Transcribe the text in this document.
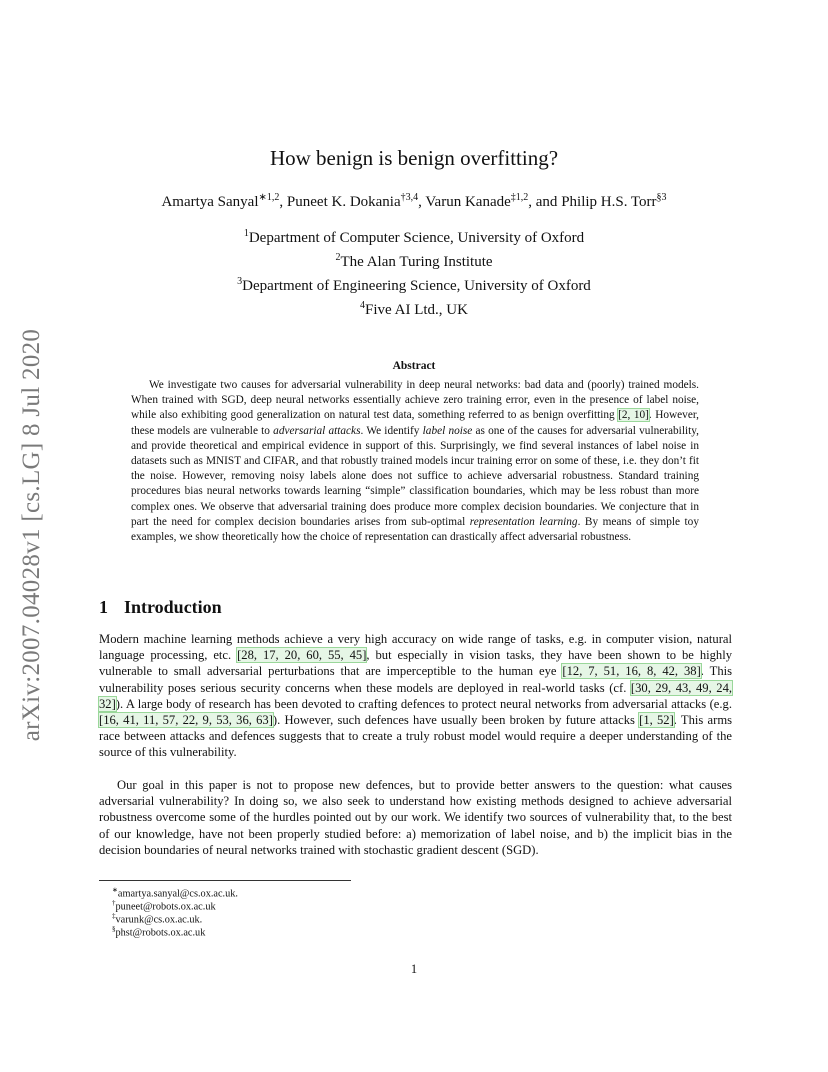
arXiv:2007.04028v1 [cs.LG] 8 Jul 2020
How benign is benign overfitting?
Amartya Sanyal$^{∗1,2}$, Puneet K. Dokania$^{\dagger 3,4}$, Varun Kanade$^{\ddagger 1,2}$, and Philip H.S. Torr$^{\S 3}$
$^1$Department of Computer Science, University of Oxford
$^2$The Alan Turing Institute
$^3$Department of Engineering Science, University of Oxford
$^4$Five AI Ltd., UK
Abstract
We investigate two causes for adversarial vulnerability in deep neural networks: bad data and (poorly) trained models. When trained with SGD, deep neural networks essentially achieve zero training error, even in the presence of label noise, while also exhibiting good generalization on natural test data, something referred to as benign overfitting [2, 10]. However, these models are vulnerable to adversarial attacks. We identify label noise as one of the causes for adversarial vulnerability, and provide theoretical and empirical evidence in support of this. Surprisingly, we find several instances of label noise in datasets such as MNIST and CIFAR, and that robustly trained models incur training error on some of these, i.e. they don’t fit the noise. However, removing noisy labels alone does not suffice to achieve adversarial robustness. Standard training procedures bias neural networks towards learning “simple” classification boundaries, which may be less robust than more complex ones. We observe that adversarial training does produce more complex decision boundaries. We conjecture that in part the need for complex decision boundaries arises from sub-optimal representation learning. By means of simple toy examples, we show theoretically how the choice of representation can drastically affect adversarial robustness.
1 Introduction
Modern machine learning methods achieve a very high accuracy on wide range of tasks, e.g. in computer vision, natural language processing, etc. [28, 17, 20, 60, 55, 45], but especially in vision tasks, they have been shown to be highly vulnerable to small adversarial perturbations that are imperceptible to the human eye [12, 7, 51, 16, 8, 42, 38]. This vulnerability poses serious security concerns when these models are deployed in real-world tasks (cf. [30, 29, 43, 49, 24, 32]). A large body of research has been devoted to crafting defences to protect neural networks from adversarial attacks (e.g. [16, 41, 11, 57, 22, 9, 53, 36, 63]). However, such defences have usually been broken by future attacks [1, 52]. This arms race between attacks and defences suggests that to create a truly robust model would require a deeper understanding of the source of this vulnerability.
Our goal in this paper is not to propose new defences, but to provide better answers to the question: what causes adversarial vulnerability? In doing so, we also seek to understand how existing methods designed to achieve adversarial robustness overcome some of the hurdles pointed out by our work. We identify two sources of vulnerability that, to the best of our knowledge, have not been properly studied before: a) memorization of label noise, and b) the implicit bias in the decision boundaries of neural networks trained with stochastic gradient descent (SGD).
∗amartya.sanyal@cs.ox.ac.uk.
†puneet@robots.ox.ac.uk
‡varunk@cs.ox.ac.uk.
§phst@robots.ox.ac.uk
1
